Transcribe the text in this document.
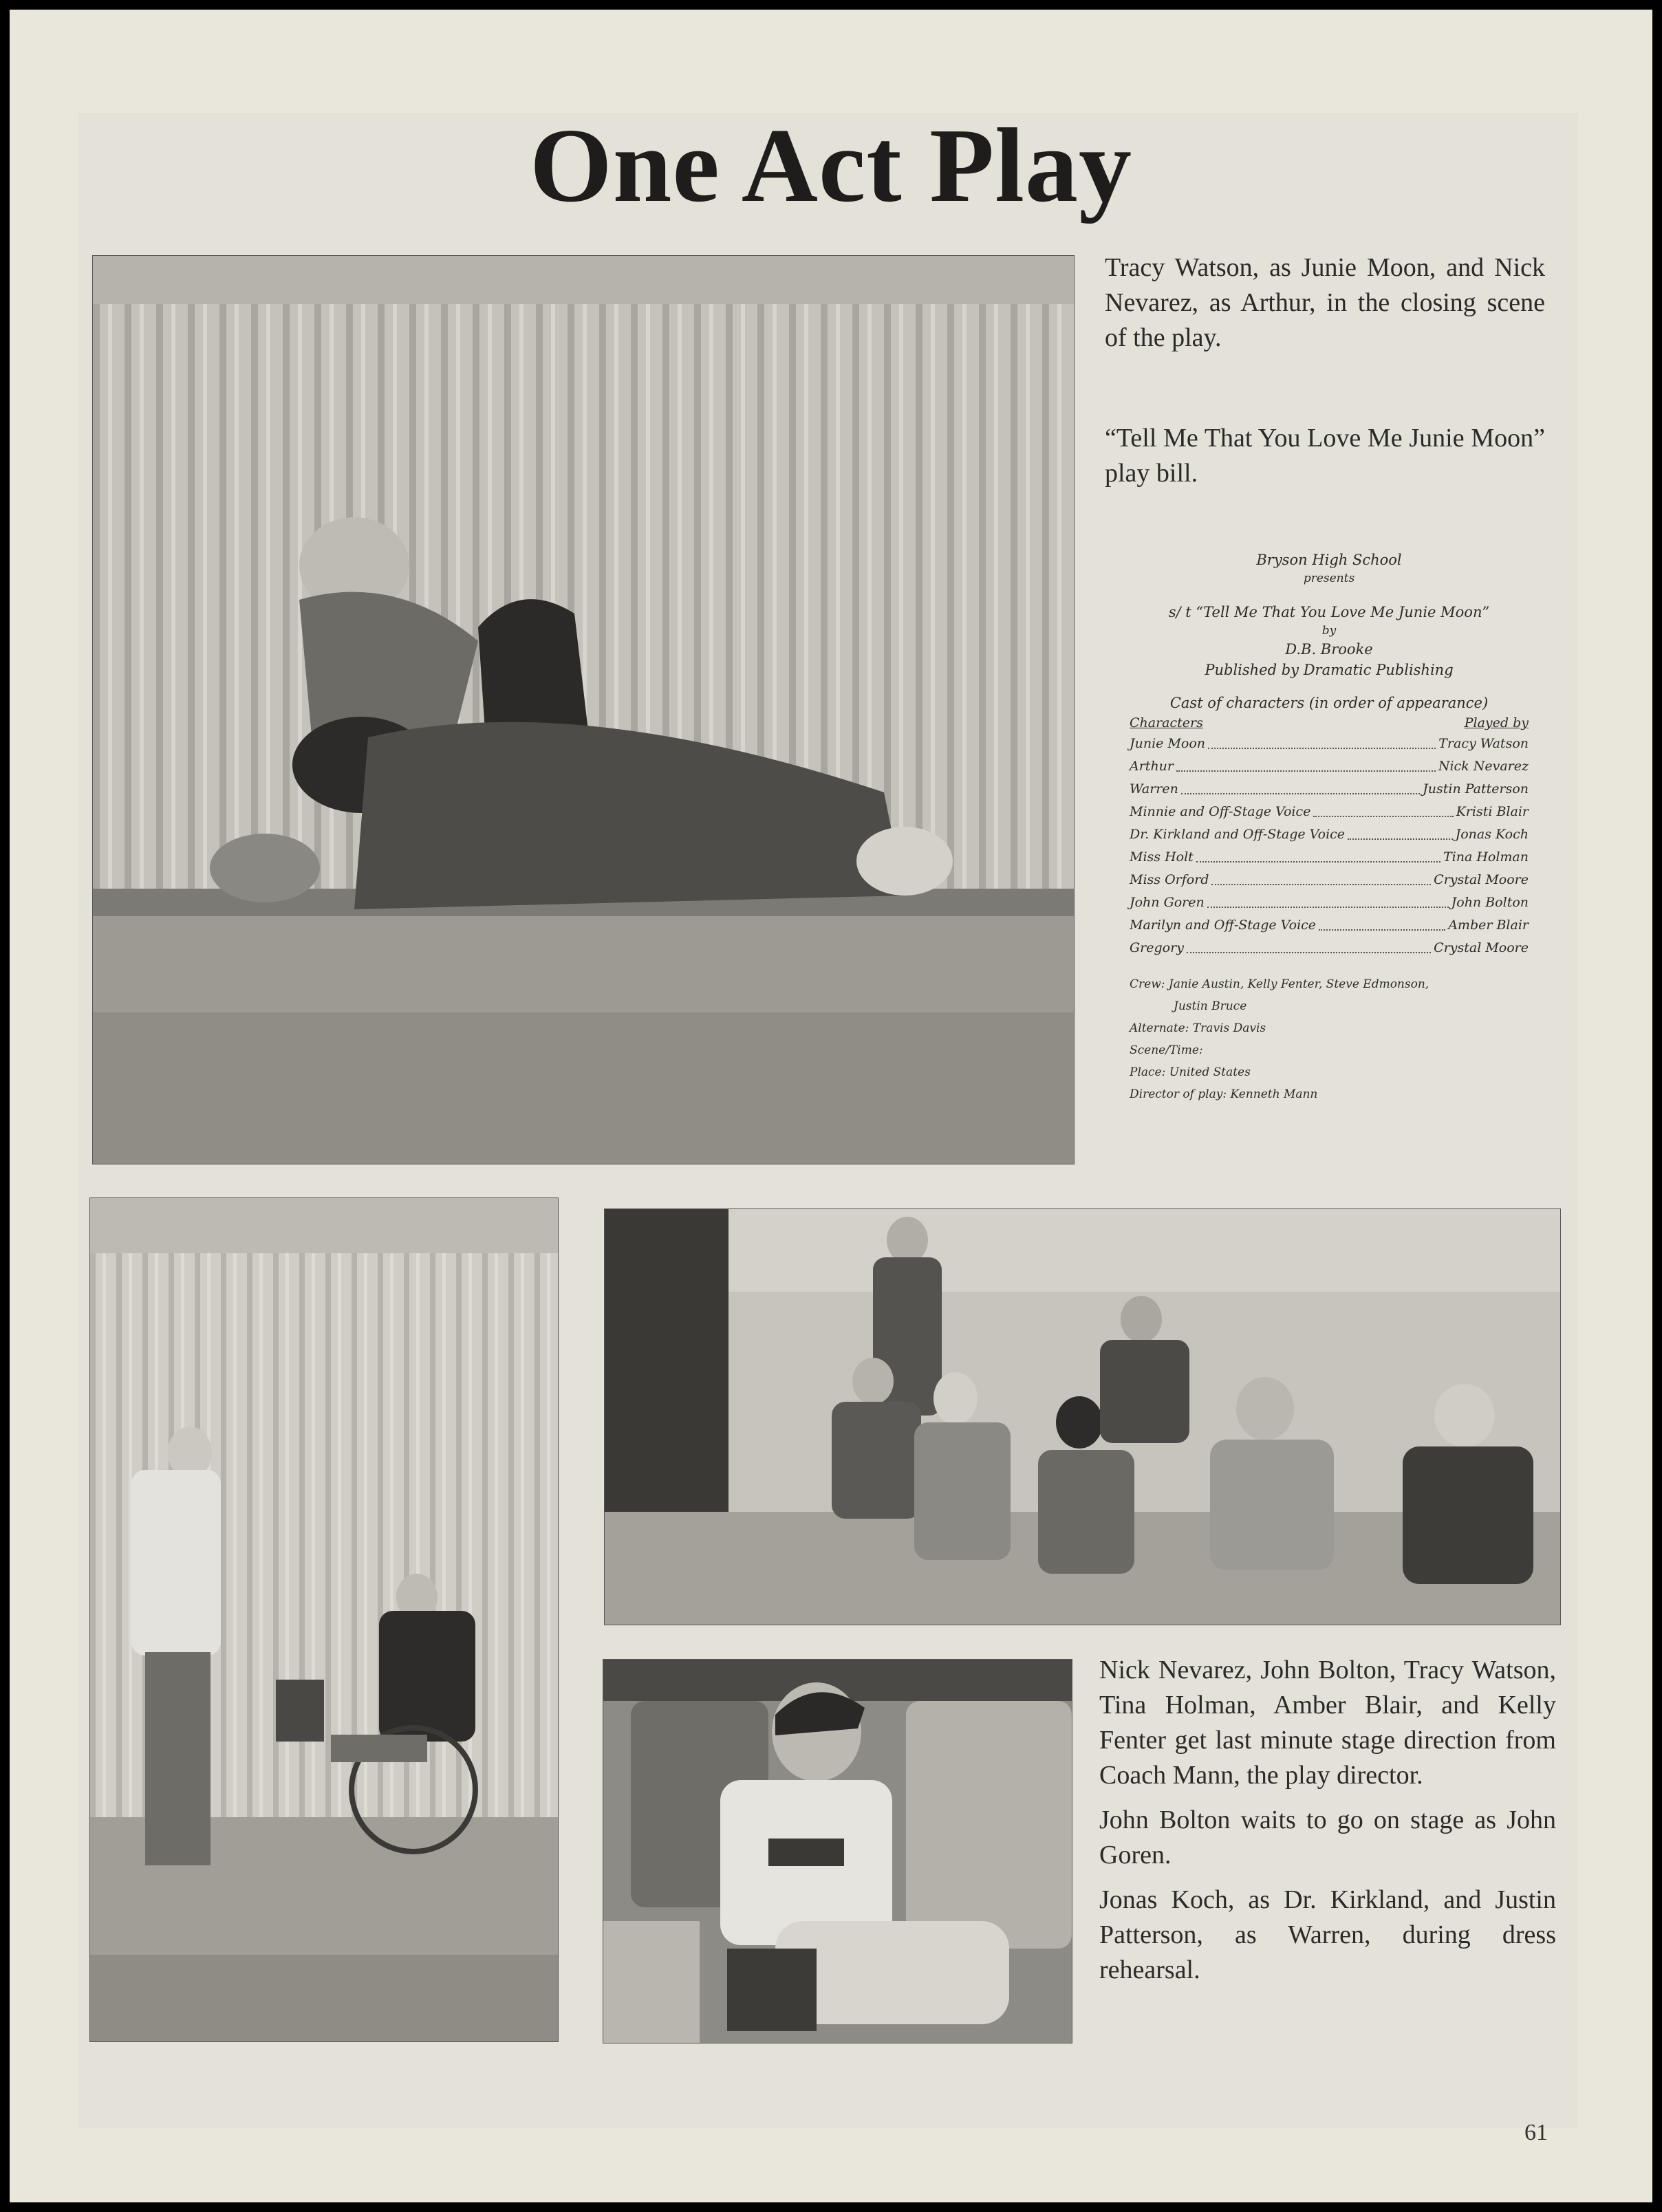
One Act Play

Tracy Watson, as Junie Moon, and Nick Nevarez, as Arthur, in the closing scene of the play.

“Tell Me That You Love Me Junie Moon” play bill.

Bryson High School
presents
s/ t “Tell Me That You Love Me Junie Moon”
by
D.B. Brooke
Published by Dramatic Publishing
Cast of characters (in order of appearance)
Characters	Played by
Junie Moon	Tracy Watson
Arthur	Nick Nevarez
Warren	Justin Patterson
Minnie and Off-Stage Voice	Kristi Blair
Dr. Kirkland and Off-Stage Voice	Jonas Koch
Miss Holt	Tina Holman
Miss Orford	Crystal Moore
John Goren	John Bolton
Marilyn and Off-Stage Voice	Amber Blair
Gregory	Crystal Moore
Crew: Janie Austin, Kelly Fenter, Steve Edmonson,
Justin Bruce
Alternate: Travis Davis
Scene/Time:
Place: United States
Director of play: Kenneth Mann

Nick Nevarez, John Bolton, Tracy Watson, Tina Holman, Amber Blair, and Kelly Fenter get last minute stage direction from Coach Mann, the play director.

John Bolton waits to go on stage as John Goren.

Jonas Koch, as Dr. Kirkland, and Justin Patterson, as Warren, during dress rehearsal.

61
